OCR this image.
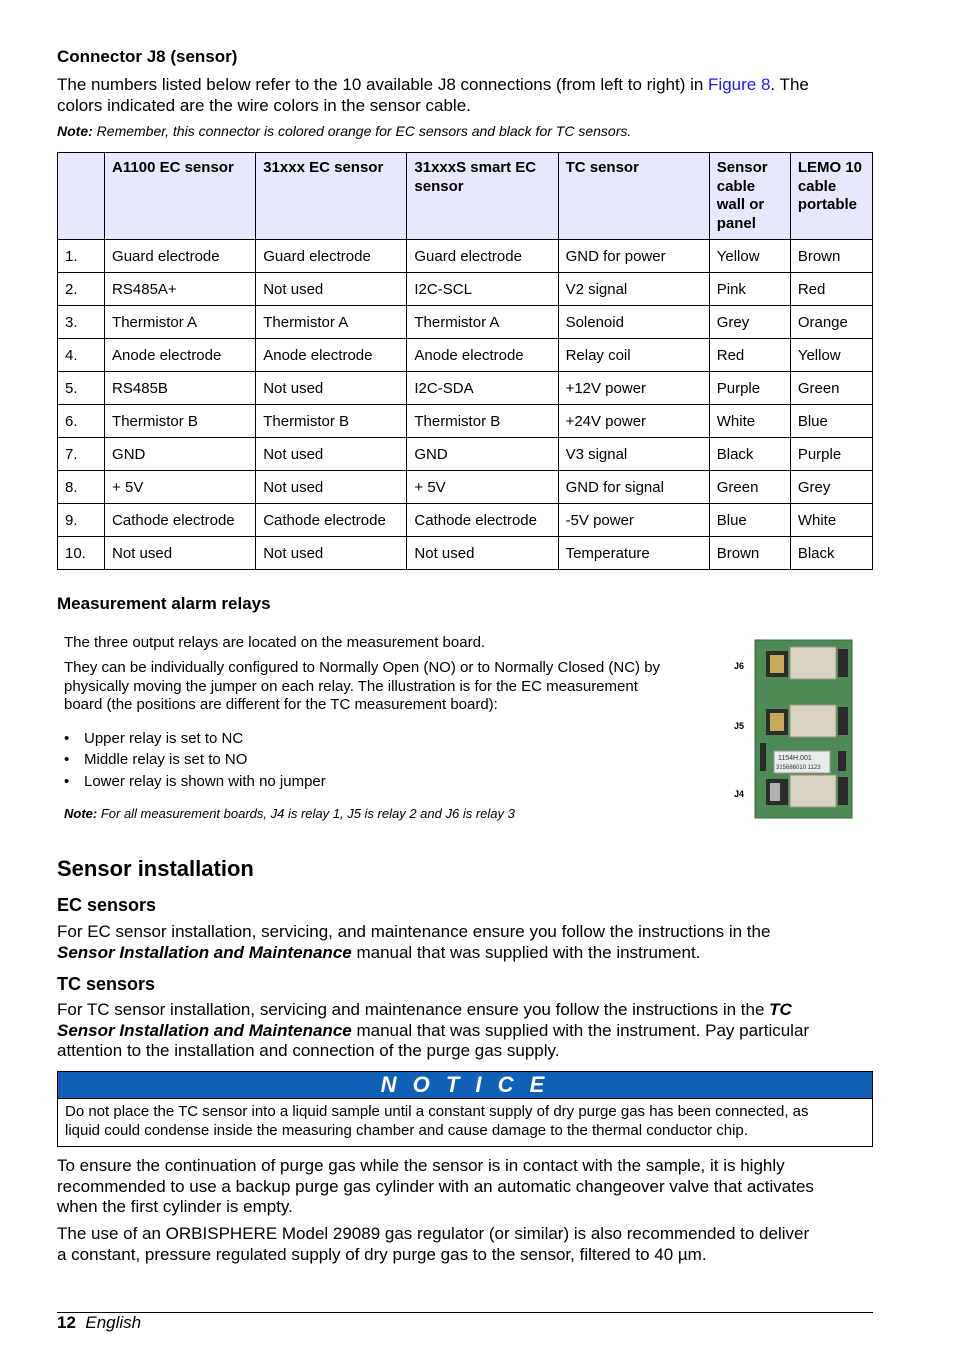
Connector J8 (sensor)
The numbers listed below refer to the 10 available J8 connections (from left to right) in Figure 8. The
colors indicated are the wire colors in the sensor cable.
Note: Remember, this connector is colored orange for EC sensors and black for TC sensors.
	A1100 EC sensor	31xxx EC sensor	31xxxS smart EC sensor	TC sensor	Sensor cable wall or panel	LEMO 10 cable portable
1.	Guard electrode	Guard electrode	Guard electrode	GND for power	Yellow	Brown
2.	RS485A+	Not used	I2C-SCL	V2 signal	Pink	Red
3.	Thermistor A	Thermistor A	Thermistor A	Solenoid	Grey	Orange
4.	Anode electrode	Anode electrode	Anode electrode	Relay coil	Red	Yellow
5.	RS485B	Not used	I2C-SDA	+12V power	Purple	Green
6.	Thermistor B	Thermistor B	Thermistor B	+24V power	White	Blue
7.	GND	Not used	GND	V3 signal	Black	Purple
8.	+ 5V	Not used	+ 5V	GND for signal	Green	Grey
9.	Cathode electrode	Cathode electrode	Cathode electrode	-5V power	Blue	White
10.	Not used	Not used	Not used	Temperature	Brown	Black
Measurement alarm relays
The three output relays are located on the measurement board.
They can be individually configured to Normally Open (NO) or to Normally Closed (NC) by
physically moving the jumper on each relay. The illustration is for the EC measurement
board (the positions are different for the TC measurement board):
• Upper relay is set to NC
• Middle relay is set to NO
• Lower relay is shown with no jumper
Note: For all measurement boards, J4 is relay 1, J5 is relay 2 and J6 is relay 3
1154H.001
315686010 1123
J6
J5
J4
Sensor installation
EC sensors
For EC sensor installation, servicing, and maintenance ensure you follow the instructions in the
Sensor Installation and Maintenance manual that was supplied with the instrument.
TC sensors
For TC sensor installation, servicing and maintenance ensure you follow the instructions in the TC
Sensor Installation and Maintenance manual that was supplied with the instrument. Pay particular
attention to the installation and connection of the purge gas supply.
N O T I C E
Do not place the TC sensor into a liquid sample until a constant supply of dry purge gas has been connected, as
liquid could condense inside the measuring chamber and cause damage to the thermal conductor chip.
To ensure the continuation of purge gas while the sensor is in contact with the sample, it is highly
recommended to use a backup purge gas cylinder with an automatic changeover valve that activates
when the first cylinder is empty.
The use of an ORBISPHERE Model 29089 gas regulator (or similar) is also recommended to deliver
a constant, pressure regulated supply of dry purge gas to the sensor, filtered to 40 µm.
12 English
